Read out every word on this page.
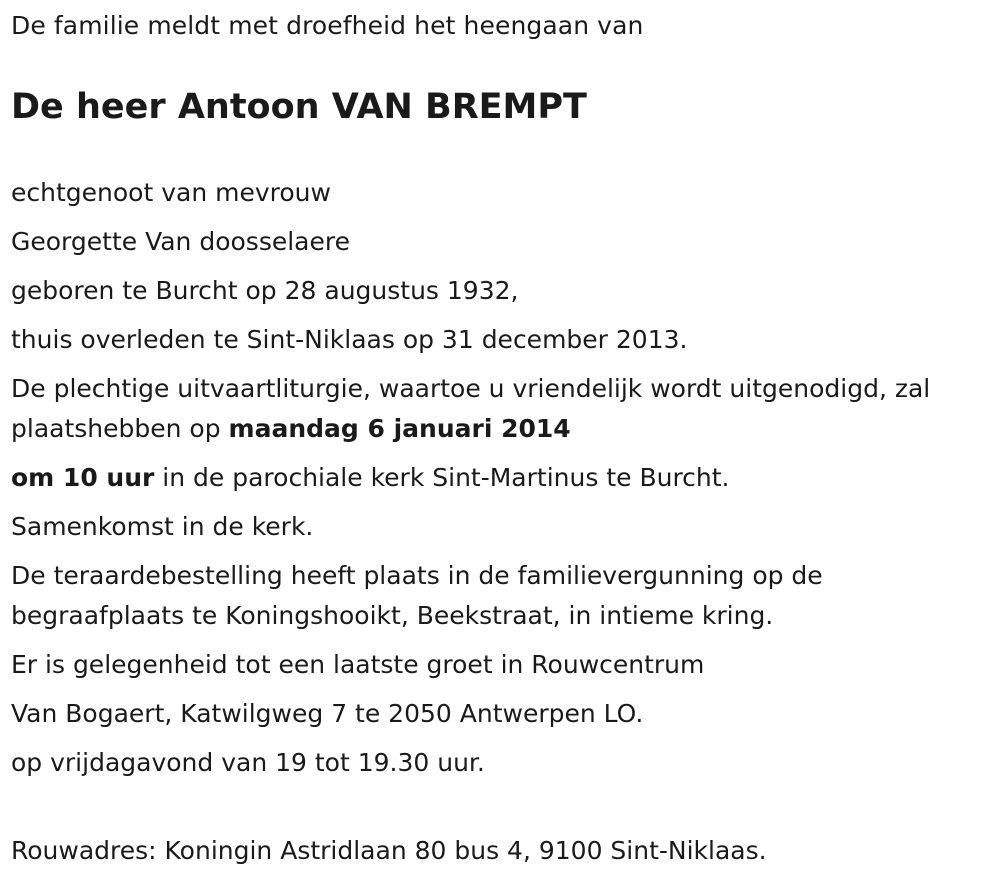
De familie meldt met droefheid het heengaan van
De heer Antoon VAN BREMPT

echtgenoot van mevrouw

Georgette Van doosselaere

geboren te Burcht op 28 augustus 1932,

thuis overleden te Sint-Niklaas op 31 december 2013.

De plechtige uitvaartliturgie, waartoe u vriendelijk wordt uitgenodigd, zal
plaatshebben op maandag 6 januari 2014

om 10 uur in de parochiale kerk Sint-Martinus te Burcht.

Samenkomst in de kerk.

De teraardebestelling heeft plaats in de familievergunning op de
begraafplaats te Koningshooikt, Beekstraat, in intieme kring.

Er is gelegenheid tot een laatste groet in Rouwcentrum

Van Bogaert, Katwilgweg 7 te 2050 Antwerpen LO.

op vrijdagavond van 19 tot 19.30 uur.

Rouwadres: Koningin Astridlaan 80 bus 4, 9100 Sint-Niklaas.
